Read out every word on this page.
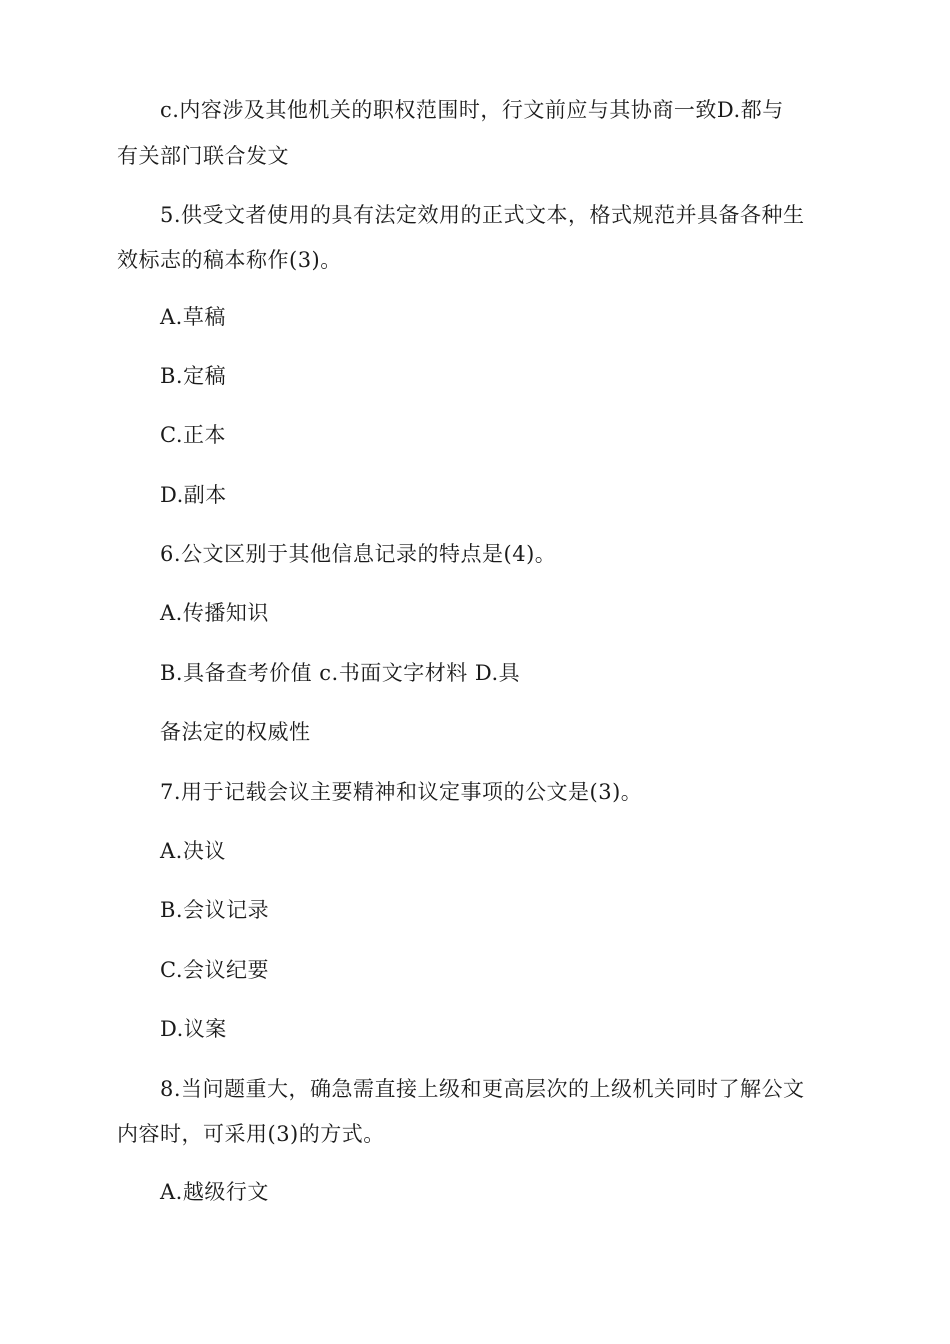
c.内容涉及其他机关的职权范围时，行文前应与其协商一致D.都与
有关部门联合发文
5.供受文者使用的具有法定效用的正式文本，格式规范并具备各种生
效标志的稿本称作(3)。
A.草稿
B.定稿
C.正本
D.副本
6.公文区别于其他信息记录的特点是(4)。
A.传播知识
B.具备查考价值 c.书面文字材料 D.具
备法定的权威性
7.用于记载会议主要精神和议定事项的公文是(3)。
A.决议
B.会议记录
C.会议纪要
D.议案
8.当问题重大，确急需直接上级和更高层次的上级机关同时了解公文
内容时，可采用(3)的方式。
A.越级行文
